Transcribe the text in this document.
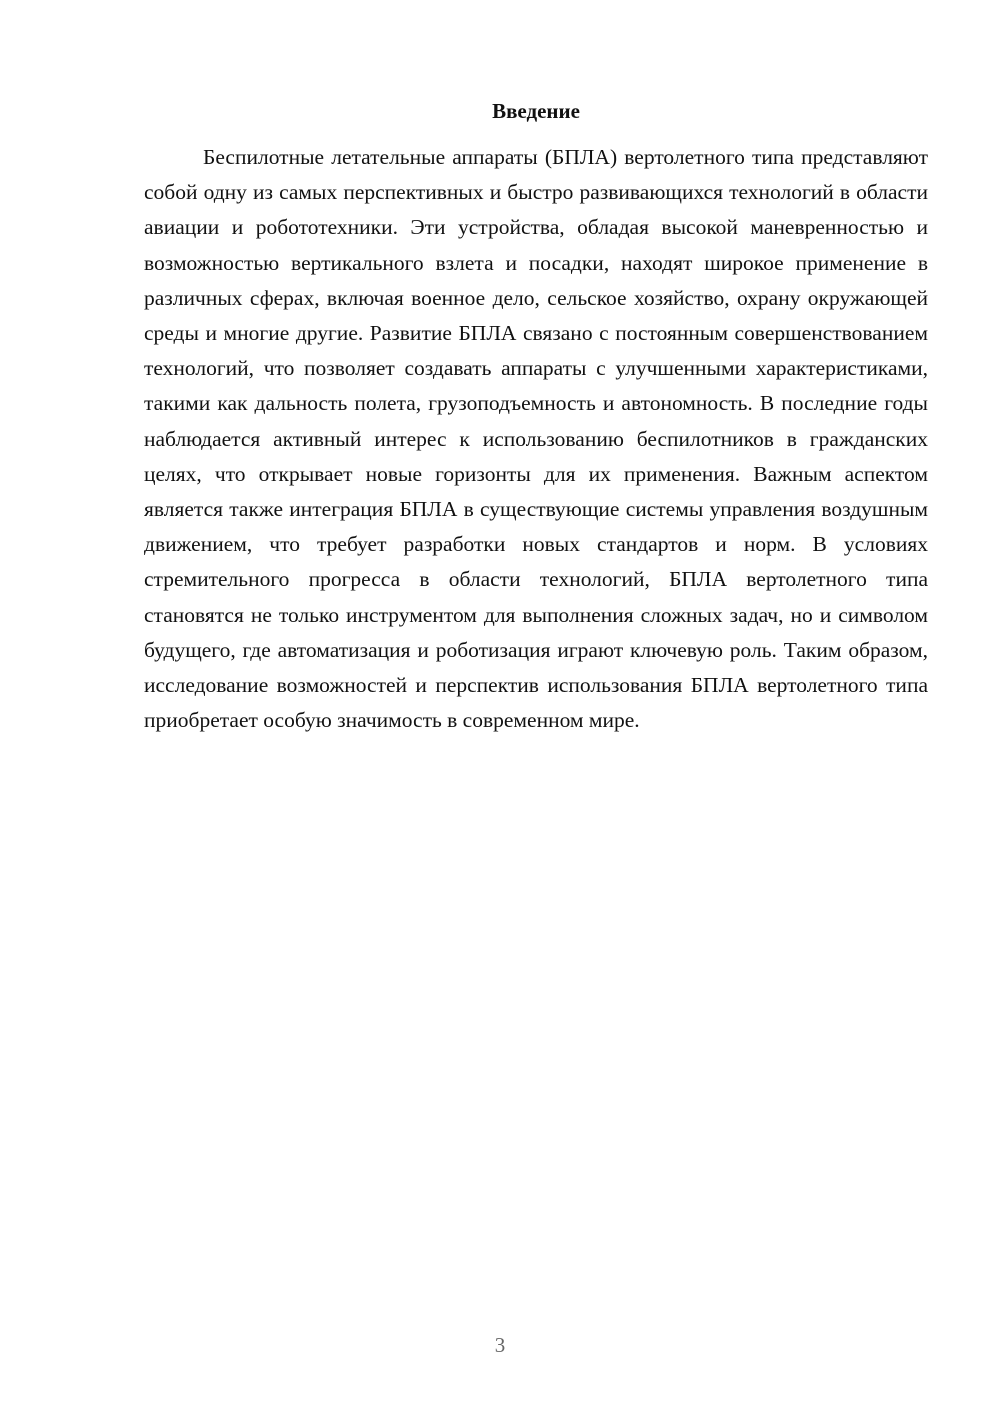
Введение

Беспилотные летательные аппараты (БПЛА) вертолетного типа представляют собой одну из самых перспективных и быстро развивающихся технологий в области авиации и робототехники. Эти устройства, обладая высокой маневренностью и возможностью вертикального взлета и посадки, находят широкое применение в различных сферах, включая военное дело, сельское хозяйство, охрану окружающей среды и многие другие. Развитие БПЛА связано с постоянным совершенствованием технологий, что позволяет создавать аппараты с улучшенными характеристиками, такими как дальность полета, грузоподъемность и автономность. В последние годы наблюдается активный интерес к использованию беспилотников в гражданских целях, что открывает новые горизонты для их применения. Важным аспектом является также интеграция БПЛА в существующие системы управления воздушным движением, что требует разработки новых стандартов и норм. В условиях стремительного прогресса в области технологий, БПЛА вертолетного типа становятся не только инструментом для выполнения сложных задач, но и символом будущего, где автоматизация и роботизация играют ключевую роль. Таким образом, исследование возможностей и перспектив использования БПЛА вертолетного типа приобретает особую значимость в современном мире.

3
